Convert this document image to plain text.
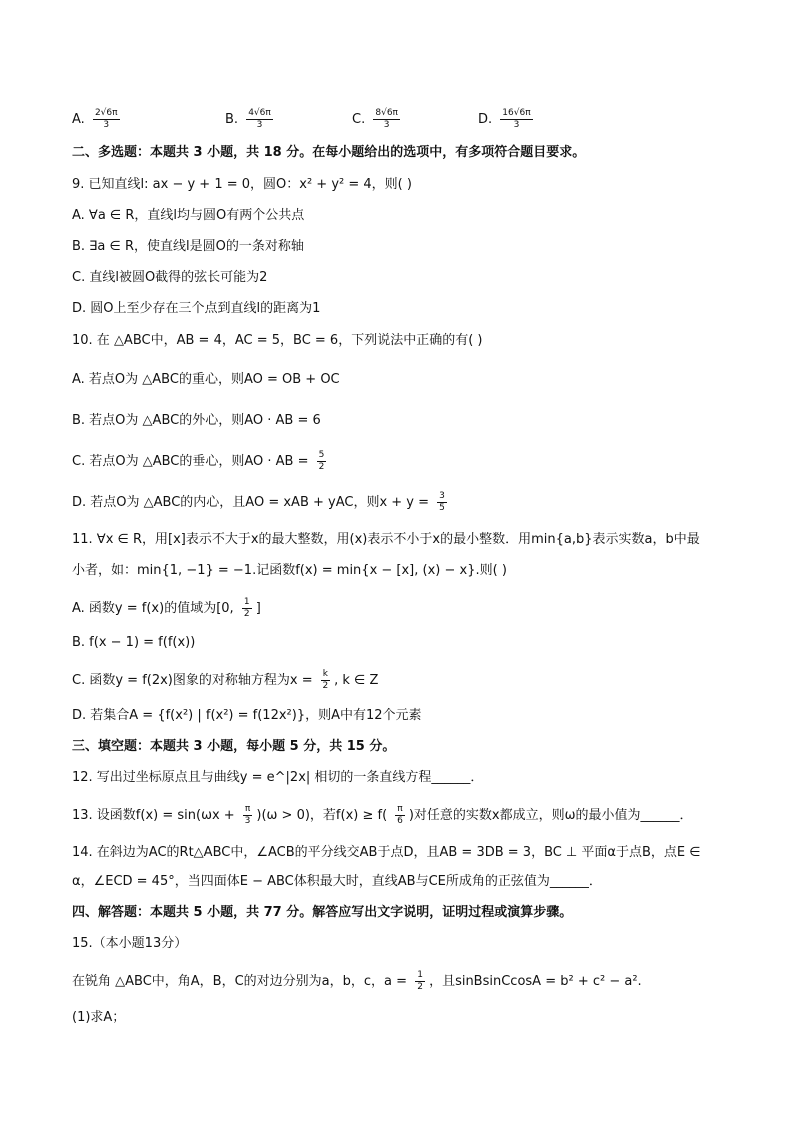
A. $\frac{2√6\pi}{3}$	B. $\frac{4√6\pi}{3}$	C. $\frac{8√6\pi}{3}$	D. $\frac{16√6\pi}{3}$
二、多选题：本题共 3 小题，共 18 分。在每小题给出的选项中，有多项符合题目要求。
9. 已知直线l: ax − y + 1 = 0，圆O：x² + y² = 4，则( )
A. ∀a ∈ R，直线l均与圆O有两个公共点
B. ∃a ∈ R，使直线l是圆O的一条对称轴
C. 直线l被圆O截得的弦长可能为2
D. 圆O上至少存在三个点到直线l的距离为1
10. 在 △ABC中，AB = 4，AC = 5，BC = 6，下列说法中正确的有( )
A. 若点O为 △ABC的重心，则AO = OB + OC
B. 若点O为 △ABC的外心，则AO · AB = 6
C. 若点O为 △ABC的垂心，则AO · AB = $\frac{5}{2}$
D. 若点O为 △ABC的内心，且AO = xAB + yAC，则$x + y = \frac{3}{5}$
11. ∀x ∈ R，用[x]表示不大于x的最大整数，用(x)表示不小于x的最小整数．用min{a,b}表示实数a，b中最
小者，如：min{1, −1} = −1.记函数f(x) = min{x − [x], (x) − x}.则( )
A. 函数y = f(x)的值域为[0, $\frac{1}{2}$ ]
B. f(x − 1) = f(f(x))
C. 函数y = f(2x)图象的对称轴方程为$x = \frac{k}{2}$ , k ∈ Z
D. 若集合A = {f(x²) | f(x²) = f(12x²)}，则A中有12个元素
三、填空题：本题共 3 小题，每小题 5 分，共 15 分。
12. 写出过坐标原点且与曲线y = e^|2x| 相切的一条直线方程______．
13. 设函数$f(x) = \sin(\omega x + \frac{\pi}{3} )(\omega > 0)$，若$f(x) \ge f( \frac{\pi}{6}$ )对任意的实数x都成立，则ω的最小值为______．
14. 在斜边为AC的Rt△ABC中，∠ACB的平分线交AB于点D，且AB = 3DB = 3，BC ⊥ 平面α于点B，点E ∈
α，∠ECD = 45°，当四面体E − ABC体积最大时，直线AB与CE所成角的正弦值为______．
四、解答题：本题共 5 小题，共 77 分。解答应写出文字说明，证明过程或演算步骤。
15.（本小题13分）
在锐角 △ABC中，角A，B，C的对边分别为a，b，c，$a = \frac{1}{2}$ ，且sinBsinCcosA = b² + c² − a².
(1)求A；
